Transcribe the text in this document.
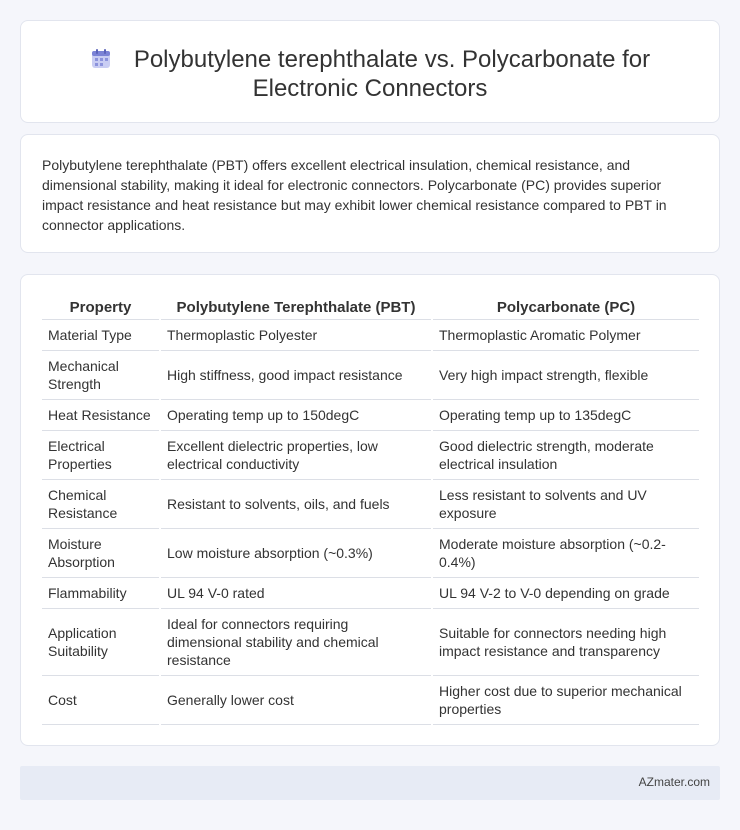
Polybutylene terephthalate vs. Polycarbonate for
Electronic Connectors

Polybutylene terephthalate (PBT) offers excellent electrical insulation, chemical resistance, and dimensional stability, making it ideal for electronic connectors. Polycarbonate (PC) provides superior impact resistance and heat resistance but may exhibit lower chemical resistance compared to PBT in connector applications.

Property	Polybutylene Terephthalate (PBT)	Polycarbonate (PC)
Material Type	Thermoplastic Polyester	Thermoplastic Aromatic Polymer
Mechanical Strength	High stiffness, good impact resistance	Very high impact strength, flexible
Heat Resistance	Operating temp up to 150degC	Operating temp up to 135degC
Electrical Properties	Excellent dielectric properties, low electrical conductivity	Good dielectric strength, moderate electrical insulation
Chemical Resistance	Resistant to solvents, oils, and fuels	Less resistant to solvents and UV exposure
Moisture Absorption	Low moisture absorption (~0.3%)	Moderate moisture absorption (~0.2-0.4%)
Flammability	UL 94 V-0 rated	UL 94 V-2 to V-0 depending on grade
Application Suitability	Ideal for connectors requiring dimensional stability and chemical resistance	Suitable for connectors needing high impact resistance and transparency
Cost	Generally lower cost	Higher cost due to superior mechanical properties
AZmater.com
